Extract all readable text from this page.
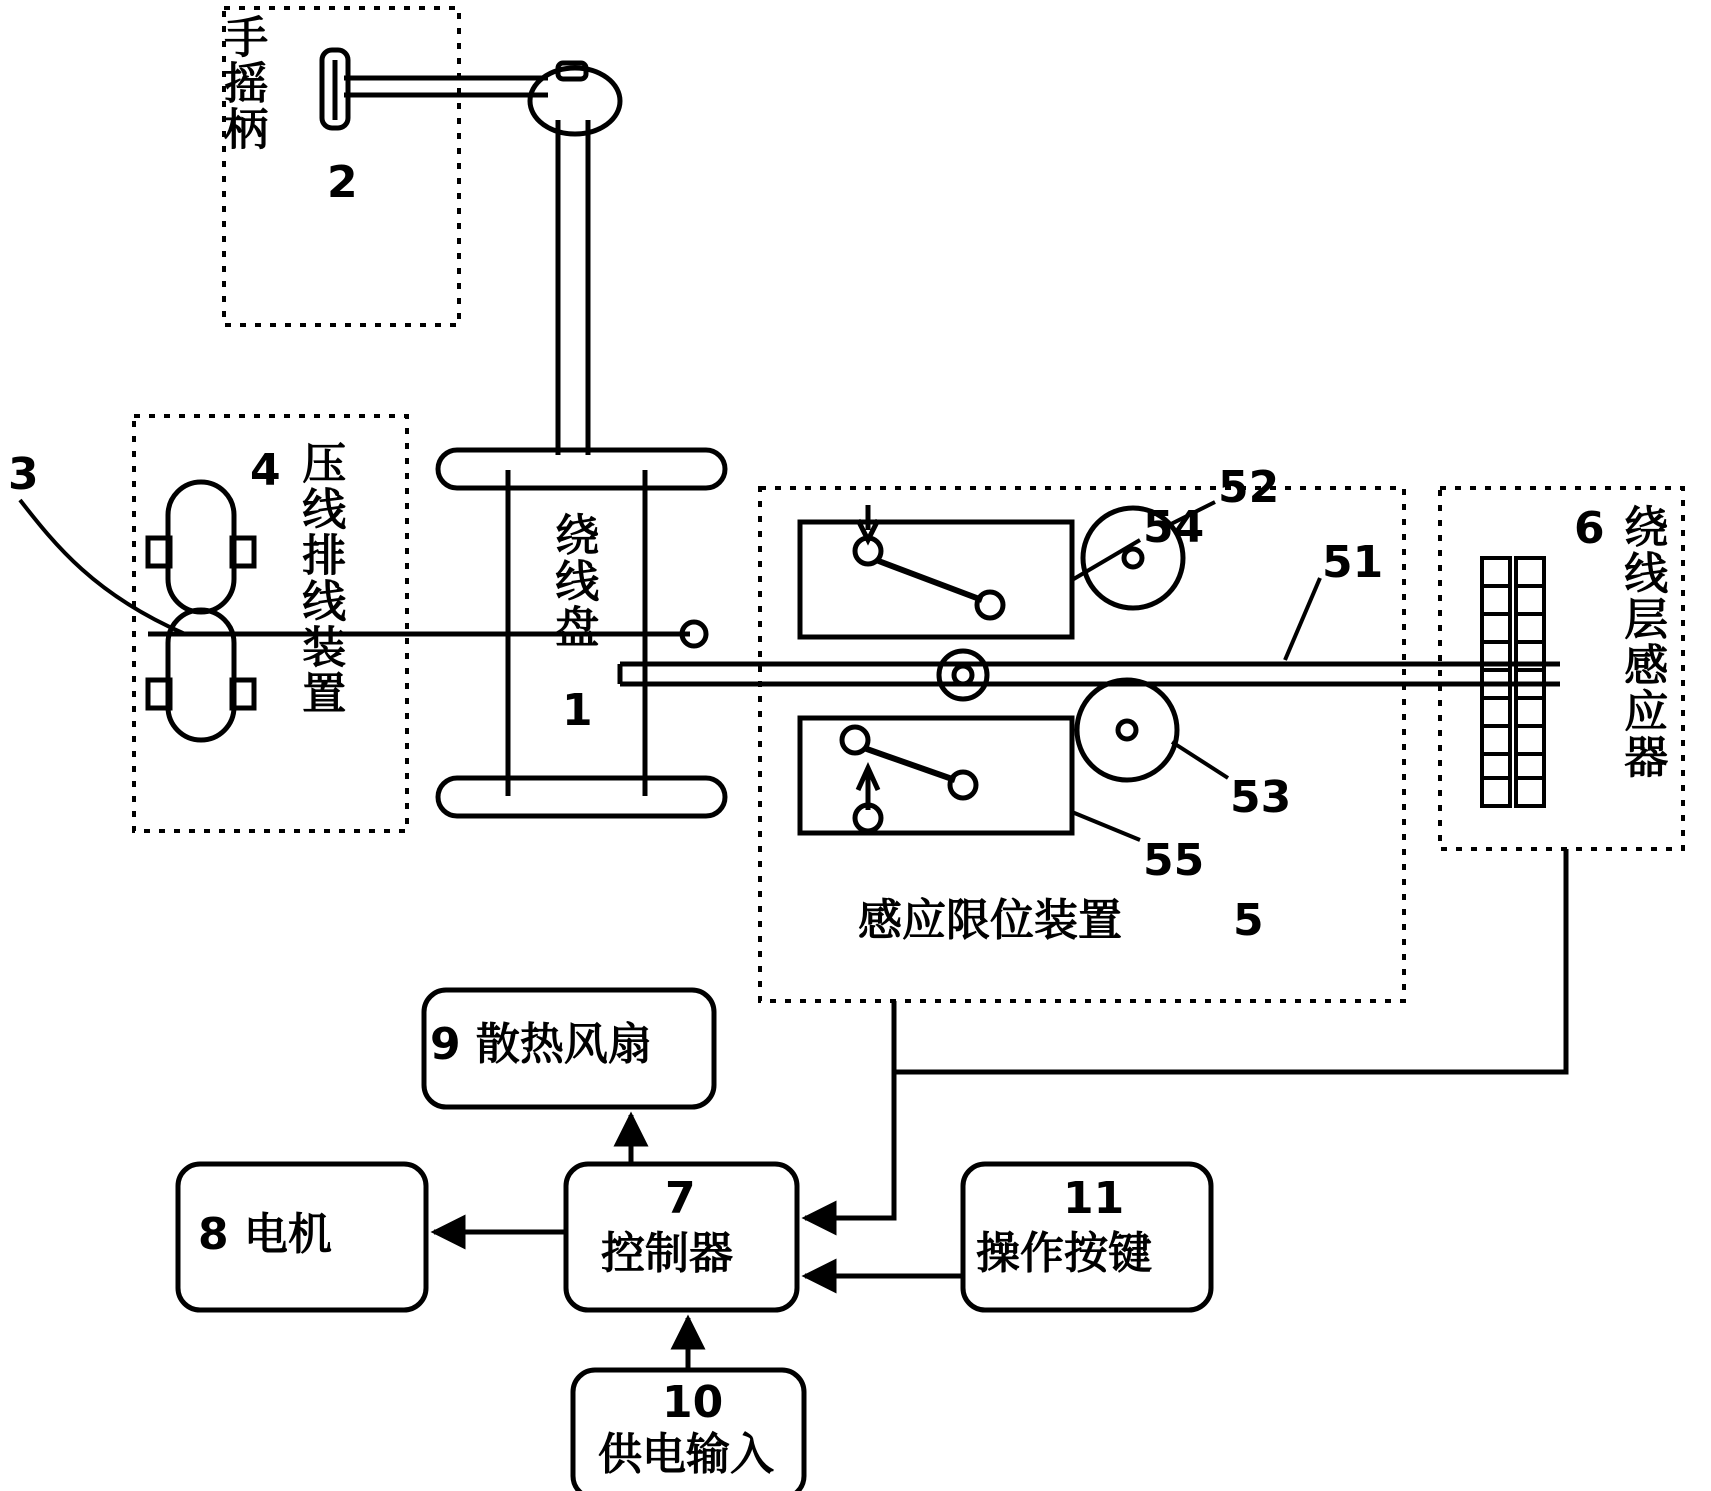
手摇柄
2
3	4 压线排线装置	绕线盘
1
54
52
51
53
55
感应限位装置	5
6 绕线层感应器
9 散热风扇
8 电机
7
控制器
10
供电输入
11
操作按键
